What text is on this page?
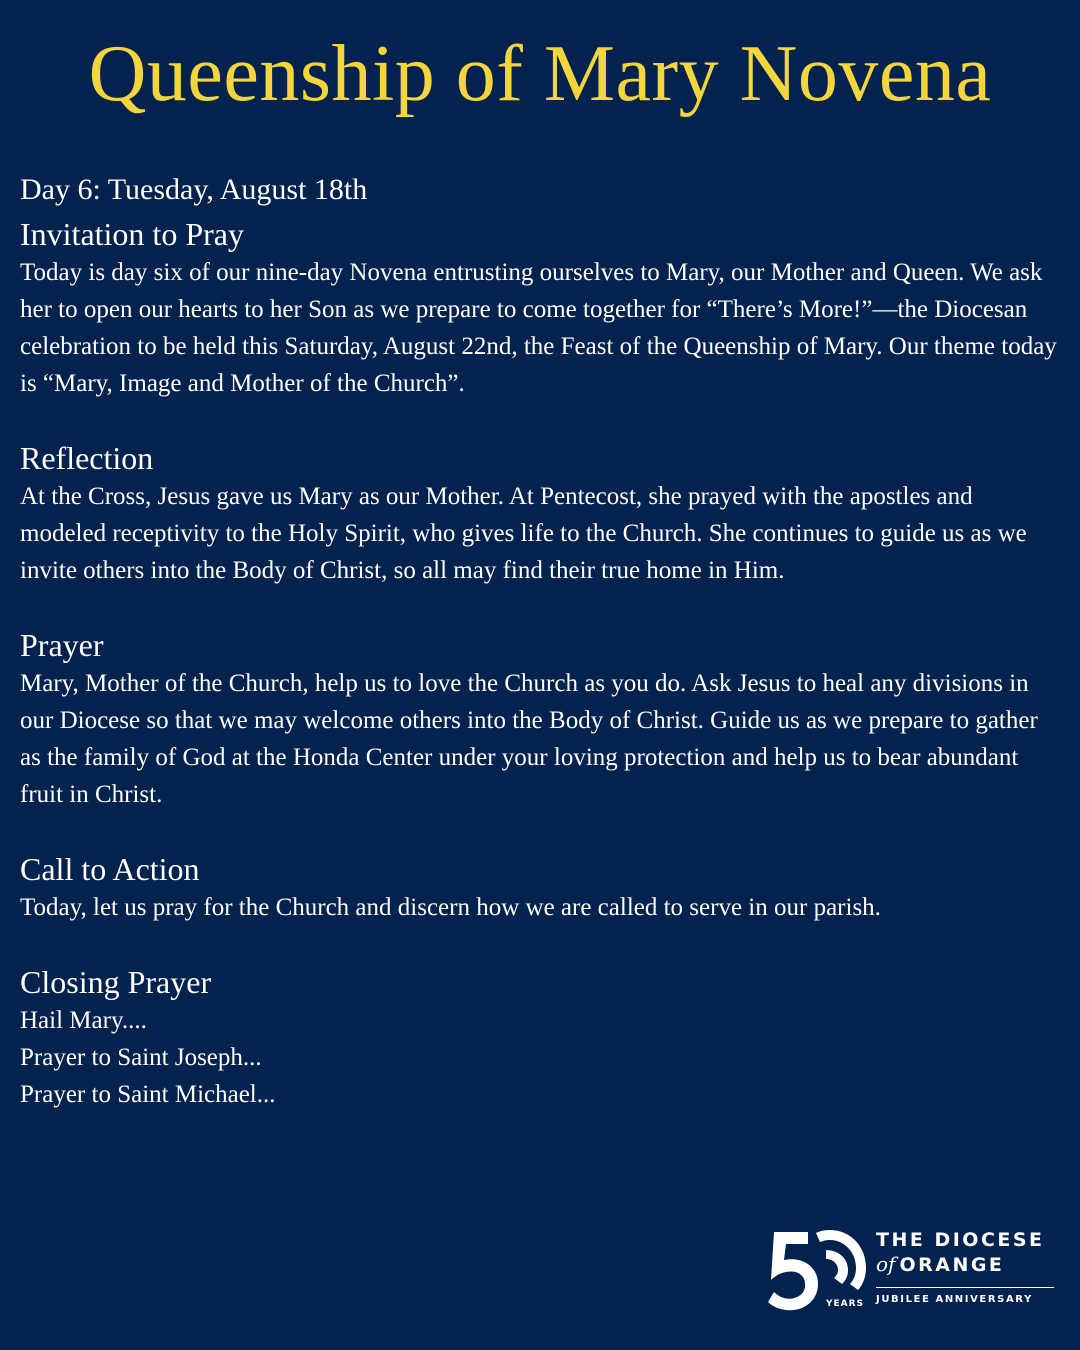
Queenship of Mary Novena

Day 6: Tuesday, August 18th

Invitation to Pray

Today is day six of our nine-day Novena entrusting ourselves to Mary, our Mother and Queen. We ask her to open our hearts to her Son as we prepare to come together for “There’s More!”—the Diocesan celebration to be held this Saturday, August 22nd, the Feast of the Queenship of Mary. Our theme today is “Mary, Image and Mother of the Church”.

Reflection

At the Cross, Jesus gave us Mary as our Mother. At Pentecost, she prayed with the apostles and modeled receptivity to the Holy Spirit, who gives life to the Church. She continues to guide us as we invite others into the Body of Christ, so all may find their true home in Him.

Prayer

Mary, Mother of the Church, help us to love the Church as you do. Ask Jesus to heal any divisions in our Diocese so that we may welcome others into the Body of Christ. Guide us as we prepare to gather as the family of God at the Honda Center under your loving protection and help us to bear abundant fruit in Christ.

Call to Action

Today, let us pray for the Church and discern how we are called to serve in our parish.

Closing Prayer

Hail Mary....

Prayer to Saint Joseph...

Prayer to Saint Michael...

YEARS
THE DIOCESE
of ORANGE
JUBILEE ANNIVERSARY
